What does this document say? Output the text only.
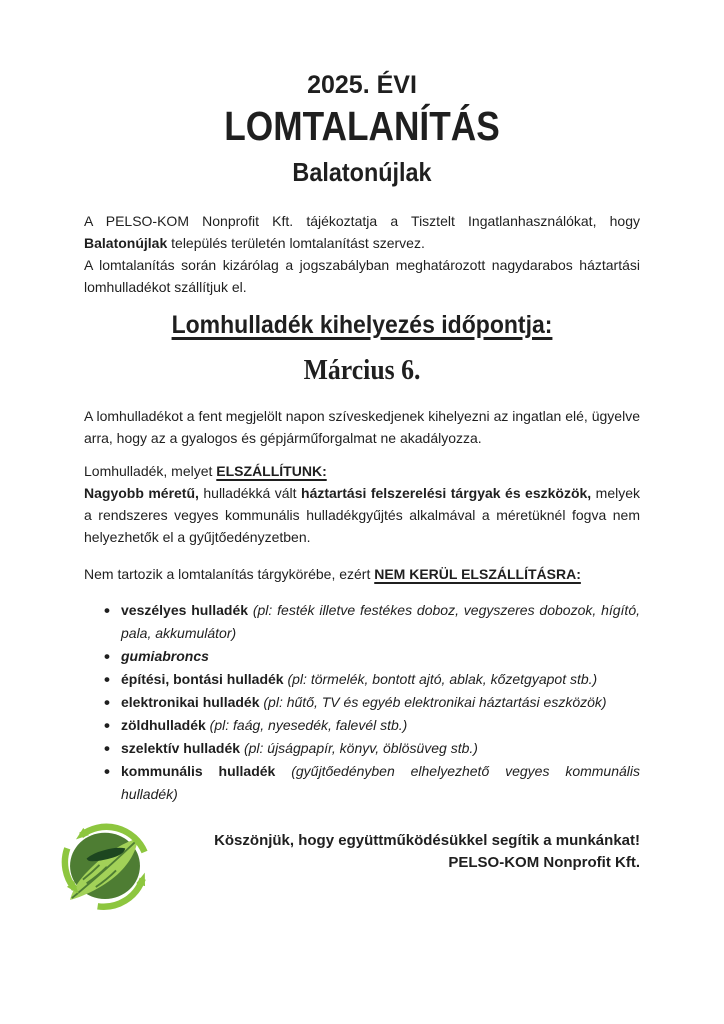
2025. ÉVI
LOMTALANÍTÁS
Balatonújlak

A PELSO-KOM Nonprofit Kft. tájékoztatja a Tisztelt Ingatlanhasználókat, hogy Balatonújlak település területén lomtalanítást szervez.

A lomtalanítás során kizárólag a jogszabályban meghatározott nagydarabos háztartási lomhulladékot szállítjuk el.

Lomhulladék kihelyezés időpontja:
Március 6.

A lomhulladékot a fent megjelölt napon szíveskedjenek kihelyezni az ingatlan elé, ügyelve arra, hogy az a gyalogos és gépjárműforgalmat ne akadályozza.

Lomhulladék, melyet ELSZÁLLÍTUNK:

Nagyobb méretű, hulladékká vált háztartási felszerelési tárgyak és eszközök, melyek a rendszeres vegyes kommunális hulladékgyűjtés alkalmával a méretüknél fogva nem helyezhetők el a gyűjtőedényzetben.

Nem tartozik a lomtalanítás tárgykörébe, ezért NEM KERÜL ELSZÁLLÍTÁSRA:

• veszélyes hulladék (pl: festék illetve festékes doboz, vegyszeres dobozok, hígító, pala, akkumulátor)
• gumiabroncs
• építési, bontási hulladék (pl: törmelék, bontott ajtó, ablak, kőzetgyapot stb.)
• elektronikai hulladék (pl: hűtő, TV és egyéb elektronikai háztartási eszközök)
• zöldhulladék (pl: faág, nyesedék, falevél stb.)
• szelektív hulladék (pl: újságpapír, könyv, öblösüveg stb.)
• kommunális hulladék (gyűjtőedényben elhelyezhető vegyes kommunális hulladék)
Köszönjük, hogy együttműködésükkel segítik a munkánkat!
PELSO-KOM Nonprofit Kft.
